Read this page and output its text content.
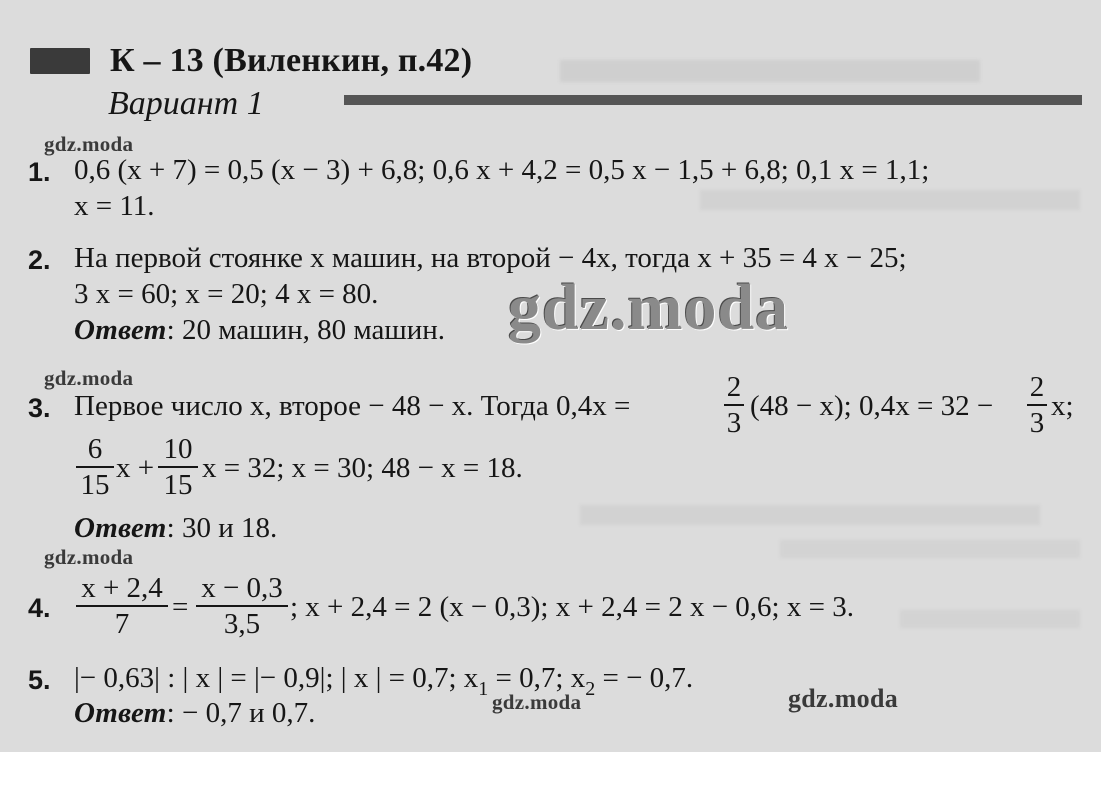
К – 13 (Виленкин, п.42)
Вариант 1
gdz.moda
gdz.moda
gdz.moda
gdz.moda	gdz.moda
1. 0,6 (x + 7) = 0,5 (x − 3) + 6,8; 0,6 x + 4,2 = 0,5 x − 1,5 + 6,8; 0,1 x = 1,1;
x = 11.
2. На первой стоянке x машин, на второй − 4x, тогда x + 35 = 4 x − 25;
3 x = 60; x = 20; 4 x = 80.
Ответ: 20 машин, 80 машин.
3. Первое число x, второе − 48 − x. Тогда 0,4x =
2
3
(48 − x); 0,4x = 32 −
2
3
x;
6
15
x +
10
15
x = 32; x = 30; 48 − x = 18.
Ответ: 30 и 18.
4.
x + 2,4
7
=
x − 0,3
3,5
; x + 2,4 = 2 (x − 0,3); x + 2,4 = 2 x − 0,6; x = 3.
5. |− 0,63| : | x | = |− 0,9|; | x | = 0,7; $x_1 = 0,7$; $x_2$ = − 0,7.
Ответ: − 0,7 и 0,7.
gdz.moda
